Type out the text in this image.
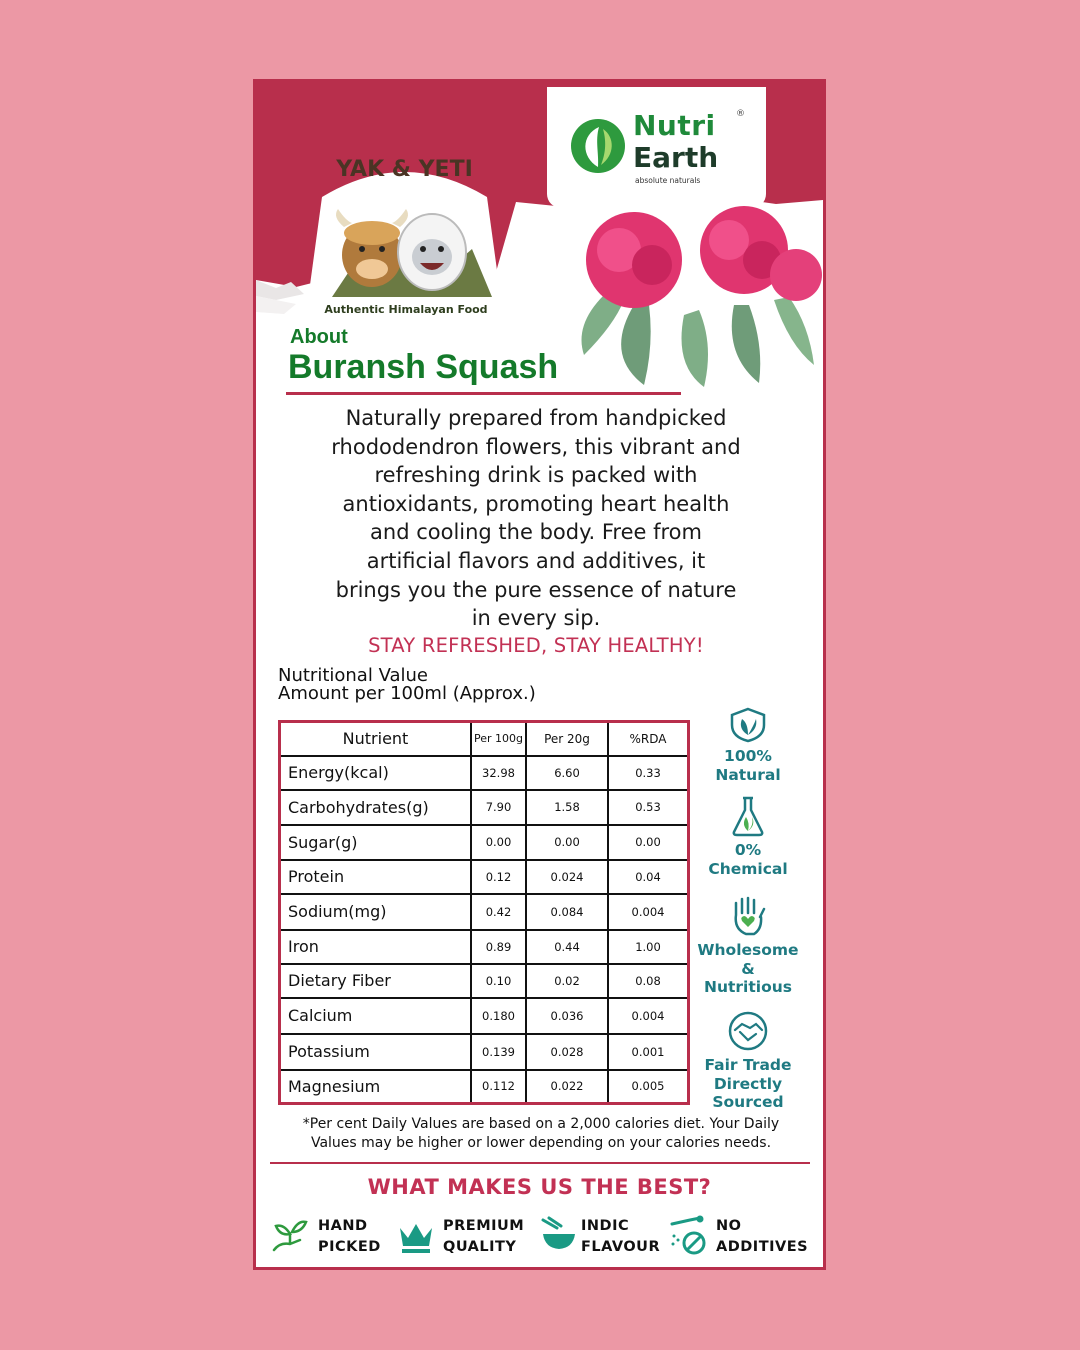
Nutri ®
Earth
absolute naturals
YAK & YETI
Authentic Himalayan Food
About
Buransh Squash
Naturally prepared from handpicked
rhododendron flowers, this vibrant and
refreshing drink is packed with
antioxidants, promoting heart health
and cooling the body. Free from
artificial flavors and additives, it
brings you the pure essence of nature
in every sip.
STAY REFRESHED, STAY HEALTHY!
Nutritional Value
Amount per 100ml (Approx.)
Nutrient	Per 100g	Per 20g	%RDA
Energy(kcal)	32.98	6.60	0.33
Carbohydrates(g)	7.90	1.58	0.53
Sugar(g)	0.00	0.00	0.00
Protein	0.12	0.024	0.04
Sodium(mg)	0.42	0.084	0.004
Iron	0.89	0.44	1.00
Dietary Fiber	0.10	0.02	0.08
Calcium	0.180	0.036	0.004
Potassium	0.139	0.028	0.001
Magnesium	0.112	0.022	0.005
100%
Natural
0%
Chemical
Wholesome
&
Nutritious
Fair Trade
Directly
Sourced
*Per cent Daily Values are based on a 2,000 calories diet. Your Daily
Values may be higher or lower depending on your calories needs.
WHAT MAKES US THE BEST?
HAND
PICKED
PREMIUM
QUALITY
INDIC
FLAVOUR
NO
ADDITIVES
